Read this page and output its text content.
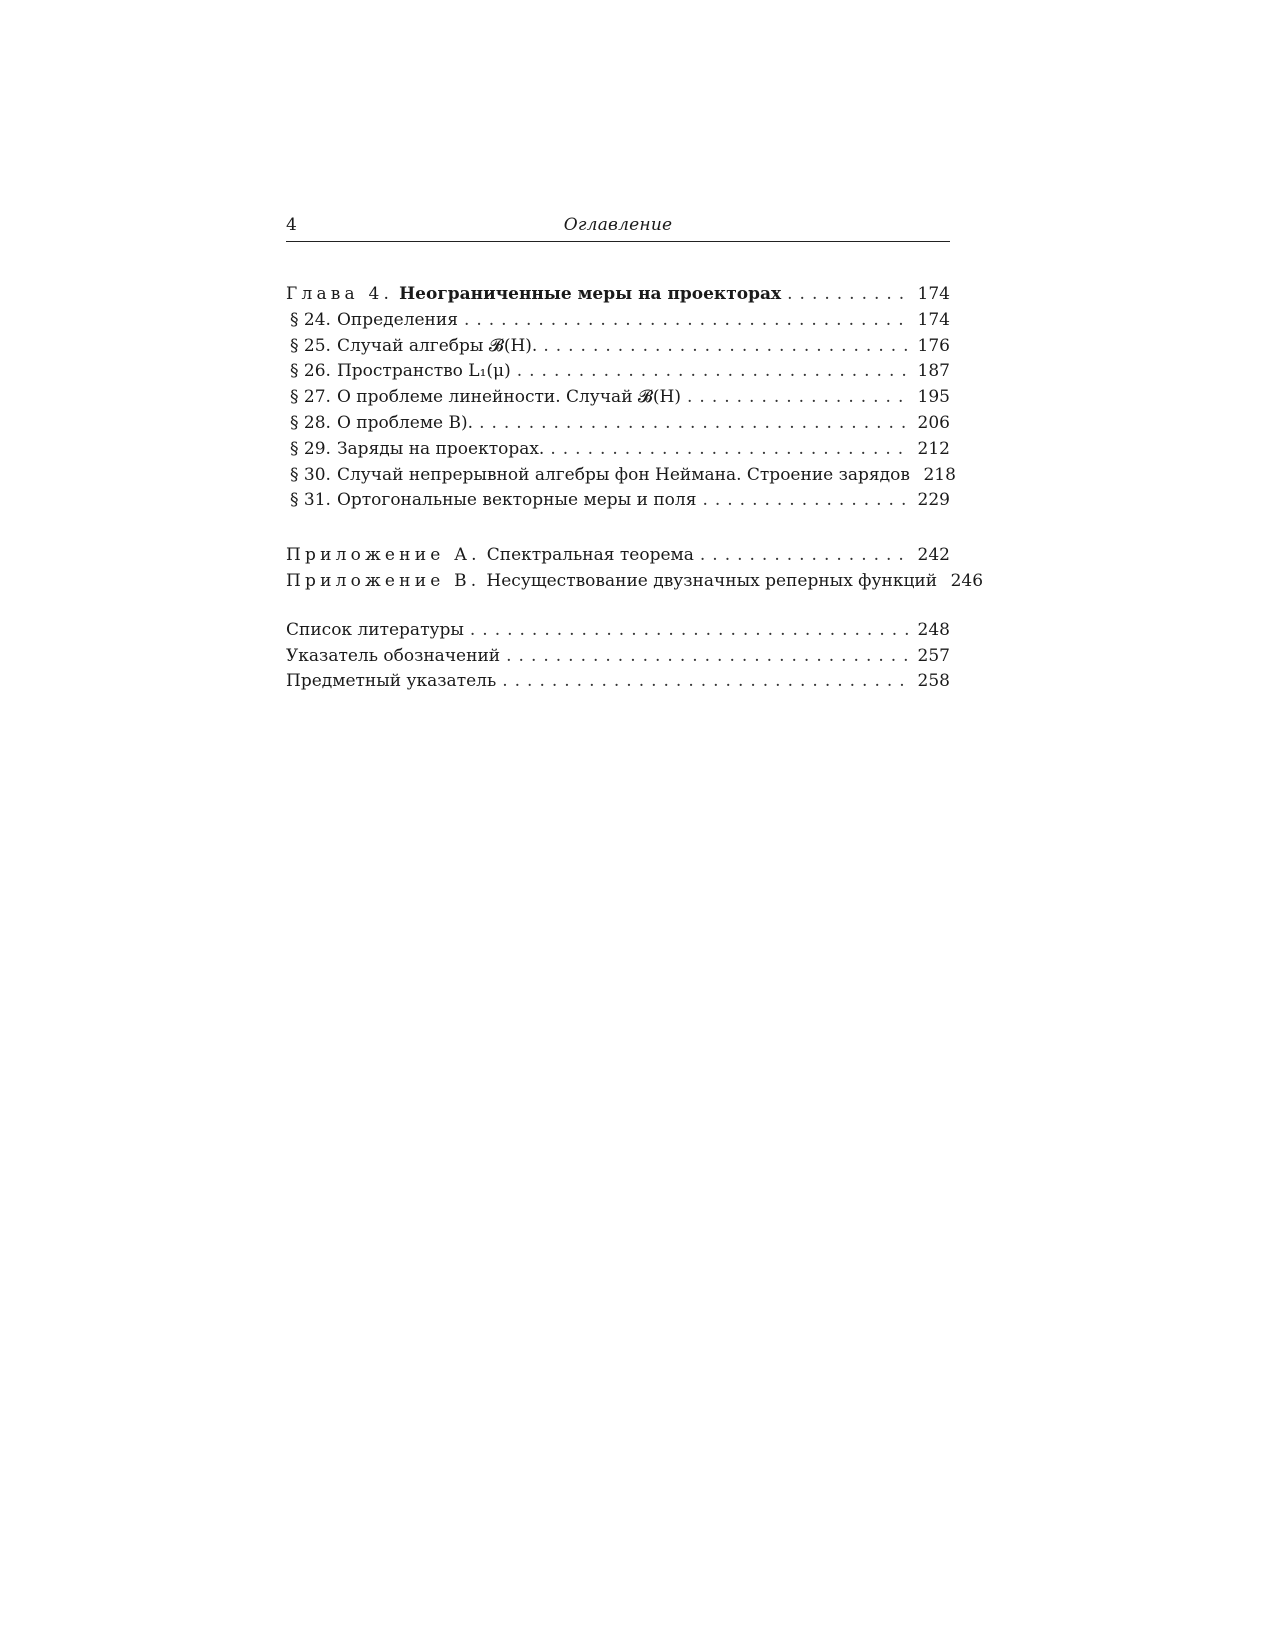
4	Оглавление
Глава 4. Неограниченные меры на проекторах . . .	174
§ 24. Определения . . .	174
§ 25. Случай алгебры 𝓑(H). . . .	176
§ 26. Пространство L₁(μ) . . .	187
§ 27. О проблеме линейности. Случай 𝓑(H) . . .	195
§ 28. О проблеме В). . . .	206
§ 29. Заряды на проекторах. . . .	212
§ 30. Случай непрерывной алгебры фон Неймана. Строение зарядов 218
§ 31. Ортогональные векторные меры и поля . . .	229
Приложение А. Спектральная теорема . . .	242
Приложение В. Несуществование двузначных реперных функций 246
Список литературы . . .	248
Указатель обозначений . . .	257
Предметный указатель . . .	258
